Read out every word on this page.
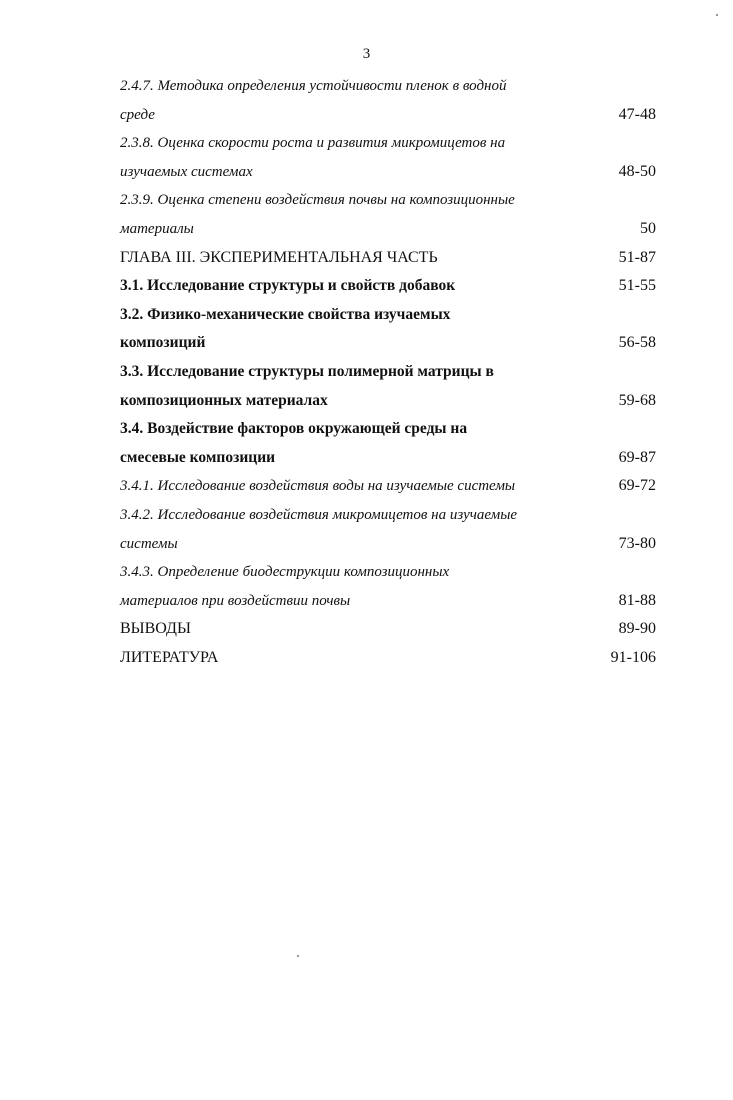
3
2.4.7. Методика определения устойчивости пленок в водной
среде	47-48
2.3.8. Оценка скорости роста и развития микромицетов на
изучаемых системах	48-50
2.3.9. Оценка степени воздействия почвы на композиционные
материалы	50
ГЛАВА III. ЭКСПЕРИМЕНТАЛЬНАЯ ЧАСТЬ	51-87
3.1. Исследование структуры и свойств добавок	51-55
3.2. Физико-механические свойства изучаемых
композиций	56-58
3.3. Исследование структуры полимерной матрицы в
композиционных материалах	59-68
3.4. Воздействие факторов окружающей среды на
смесевые композиции	69-87
3.4.1. Исследование воздействия воды на изучаемые системы	69-72
3.4.2. Исследование воздействия микромицетов на изучаемые
системы	73-80
3.4.3. Определение биодеструкции композиционных
материалов при воздействии почвы	81-88
ВЫВОДЫ	89-90
ЛИТЕРАТУРА	91-106
